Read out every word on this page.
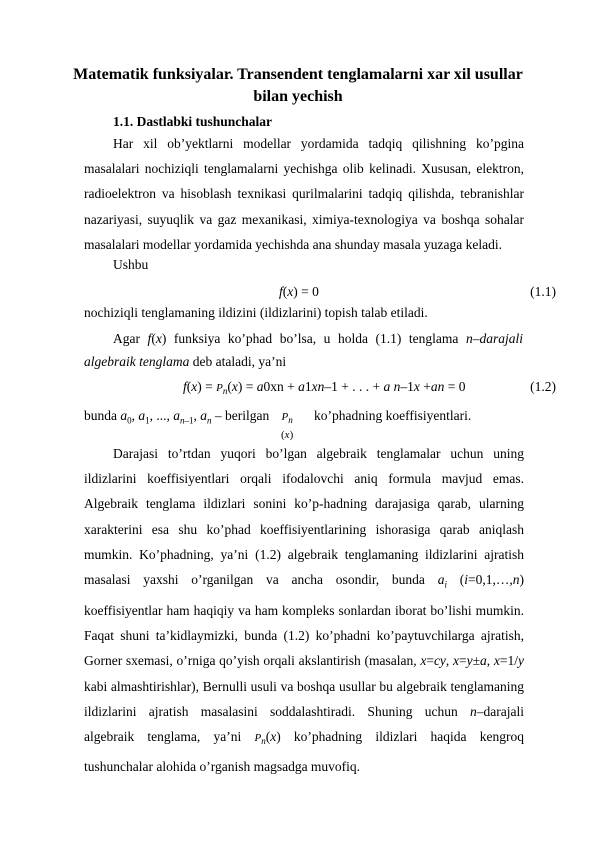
Matematik funksiyalar. Transendent tenglamalarni xar xil usullar bilan yechish
1.1. Dastlabki tushunchalar
Har xil ob’yektlarni modellar yordamida tadqiq qilishning ko’pgina masalalari nochiziqli tenglamalarni yechishga olib kelinadi. Xususan, elektron, radioelektron va hisoblash texnikasi qurilmalarini tadqiq qilishda, tebranishlar nazariyasi, suyuqlik va gaz mexanikasi, ximiya-texnologiya va boshqa sohalar masalalari modellar yordamida yechishda ana shunday masala yuzaga keladi.
Ushbu
f(x) = 0	(1.1)
nochiziqli tenglamaning ildizini (ildizlarini) topish talab etiladi.
Agar f(x) funksiya ko’phad bo’lsa, u holda (1.1) tenglama n–darajali
algebraik tenglama deb ataladi, ya’ni
$f(x) = P_n(x) = a0xn + a1xn-1$ + . . . + a n–1x +an = 0	(1.2)
bunda $a_0$, $a_1$, ..., $a_{n-1}$, $a_n$ – berilgan $P_n$
(x)
ko’phadning koeffisiyentlari.
Darajasi to’rtdan yuqori bo’lgan algebraik tenglamalar uchun uning ildizlarini koeffisiyentlari orqali ifodalovchi aniq formula mavjud emas. Algebraik tenglama ildizlari sonini ko’p-hadning darajasiga qarab, ularning xarakterini esa shu ko’phad koeffisiyentlarining ishorasiga qarab aniqlash mumkin. Ko’phadning, ya’ni (1.2) algebraik tenglamaning ildizlarini ajratish masalasi yaxshi o’rganilgan va ancha osondir, bunda $a_i$ (i=0,1,…,n) koeffisiyentlar ham haqiqiy va ham kompleks sonlardan iborat bo’lishi mumkin. Faqat shuni ta’kidlaymizki, bunda (1.2) ko’phadni ko’paytuvchilarga ajratish, Gorner sxemasi, o’rniga qo’yish orqali akslantirish (masalan, x=cy, x=y±a, x=1/y kabi almashtirishlar), Bernulli usuli va boshqa usullar bu algebraik tenglamaning ildizlarini ajratish masalasini soddalashtiradi. Shuning uchun n–darajali algebraik tenglama, ya’ni $P_n(x)$ ko’phadning ildizlari haqida kengroq tushunchalar alohida o’rganish magsadga muvofiq.
